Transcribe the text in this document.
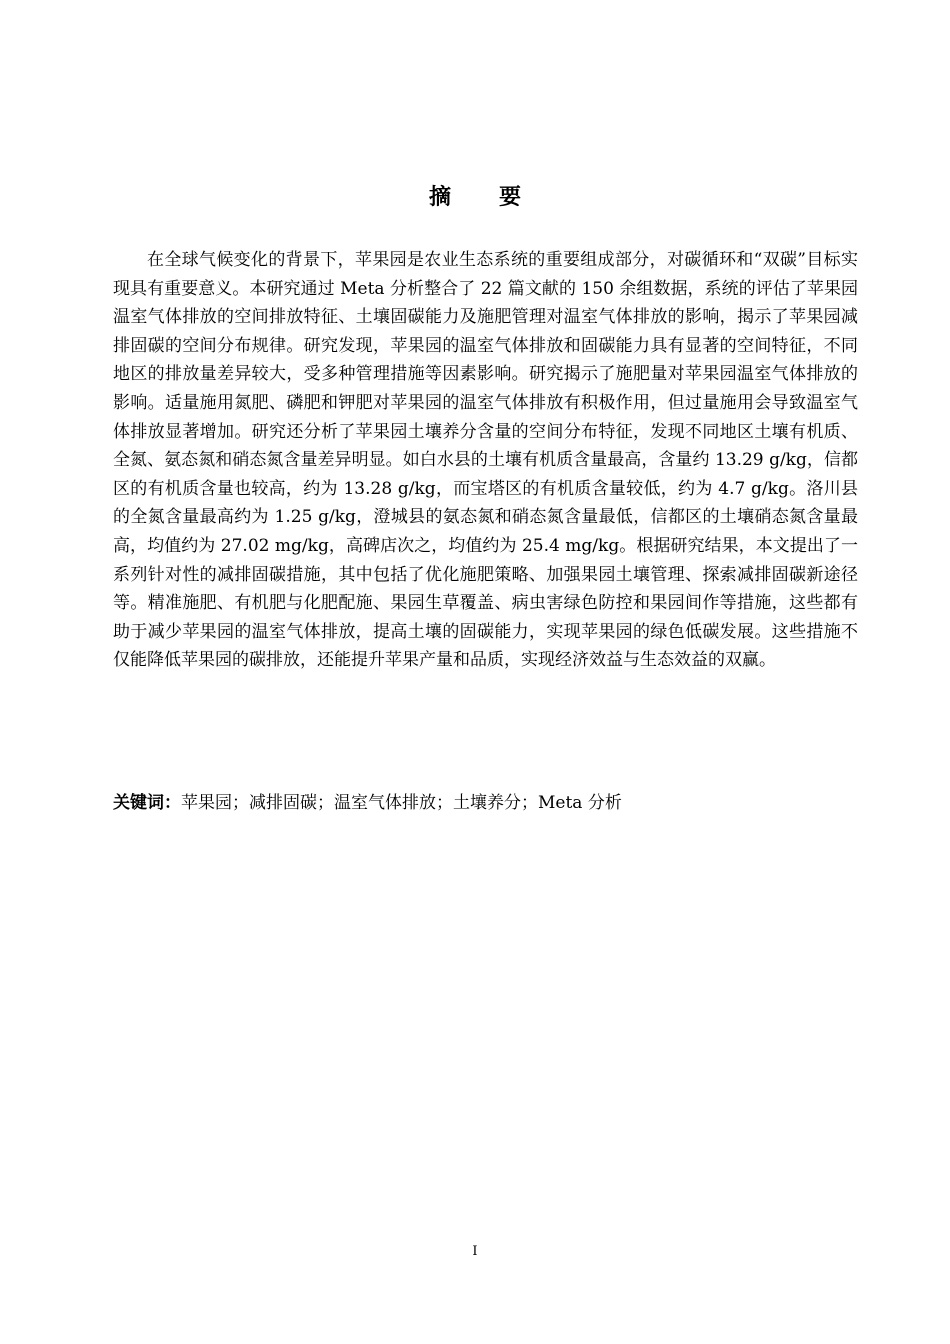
摘 要

在全球气候变化的背景下，苹果园是农业生态系统的重要组成部分，对碳循环和“双碳”目标实现具有重要意义。本研究通过 Meta 分析整合了 22 篇文献的 150 余组数据，系统的评估了苹果园温室气体排放的空间排放特征、土壤固碳能力及施肥管理对温室气体排放的影响，揭示了苹果园减排固碳的空间分布规律。研究发现，苹果园的温室气体排放和固碳能力具有显著的空间特征，不同地区的排放量差异较大，受多种管理措施等因素影响。研究揭示了施肥量对苹果园温室气体排放的影响。适量施用氮肥、磷肥和钾肥对苹果园的温室气体排放有积极作用，但过量施用会导致温室气体排放显著增加。研究还分析了苹果园土壤养分含量的空间分布特征，发现不同地区土壤有机质、全氮、氨态氮和硝态氮含量差异明显。如白水县的土壤有机质含量最高，含量约 13.29 g/kg，信都区的有机质含量也较高，约为 13.28 g/kg，而宝塔区的有机质含量较低，约为 4.7 g/kg。洛川县的全氮含量最高约为 1.25 g/kg，澄城县的氨态氮和硝态氮含量最低，信都区的土壤硝态氮含量最高，均值约为 27.02 mg/kg，高碑店次之，均值约为 25.4 mg/kg。根据研究结果，本文提出了一系列针对性的减排固碳措施，其中包括了优化施肥策略、加强果园土壤管理、探索减排固碳新途径等。精准施肥、有机肥与化肥配施、果园生草覆盖、病虫害绿色防控和果园间作等措施，这些都有助于减少苹果园的温室气体排放，提高土壤的固碳能力，实现苹果园的绿色低碳发展。这些措施不仅能降低苹果园的碳排放，还能提升苹果产量和品质，实现经济效益与生态效益的双赢。

关键词：苹果园；减排固碳；温室气体排放；土壤养分；Meta 分析

I
